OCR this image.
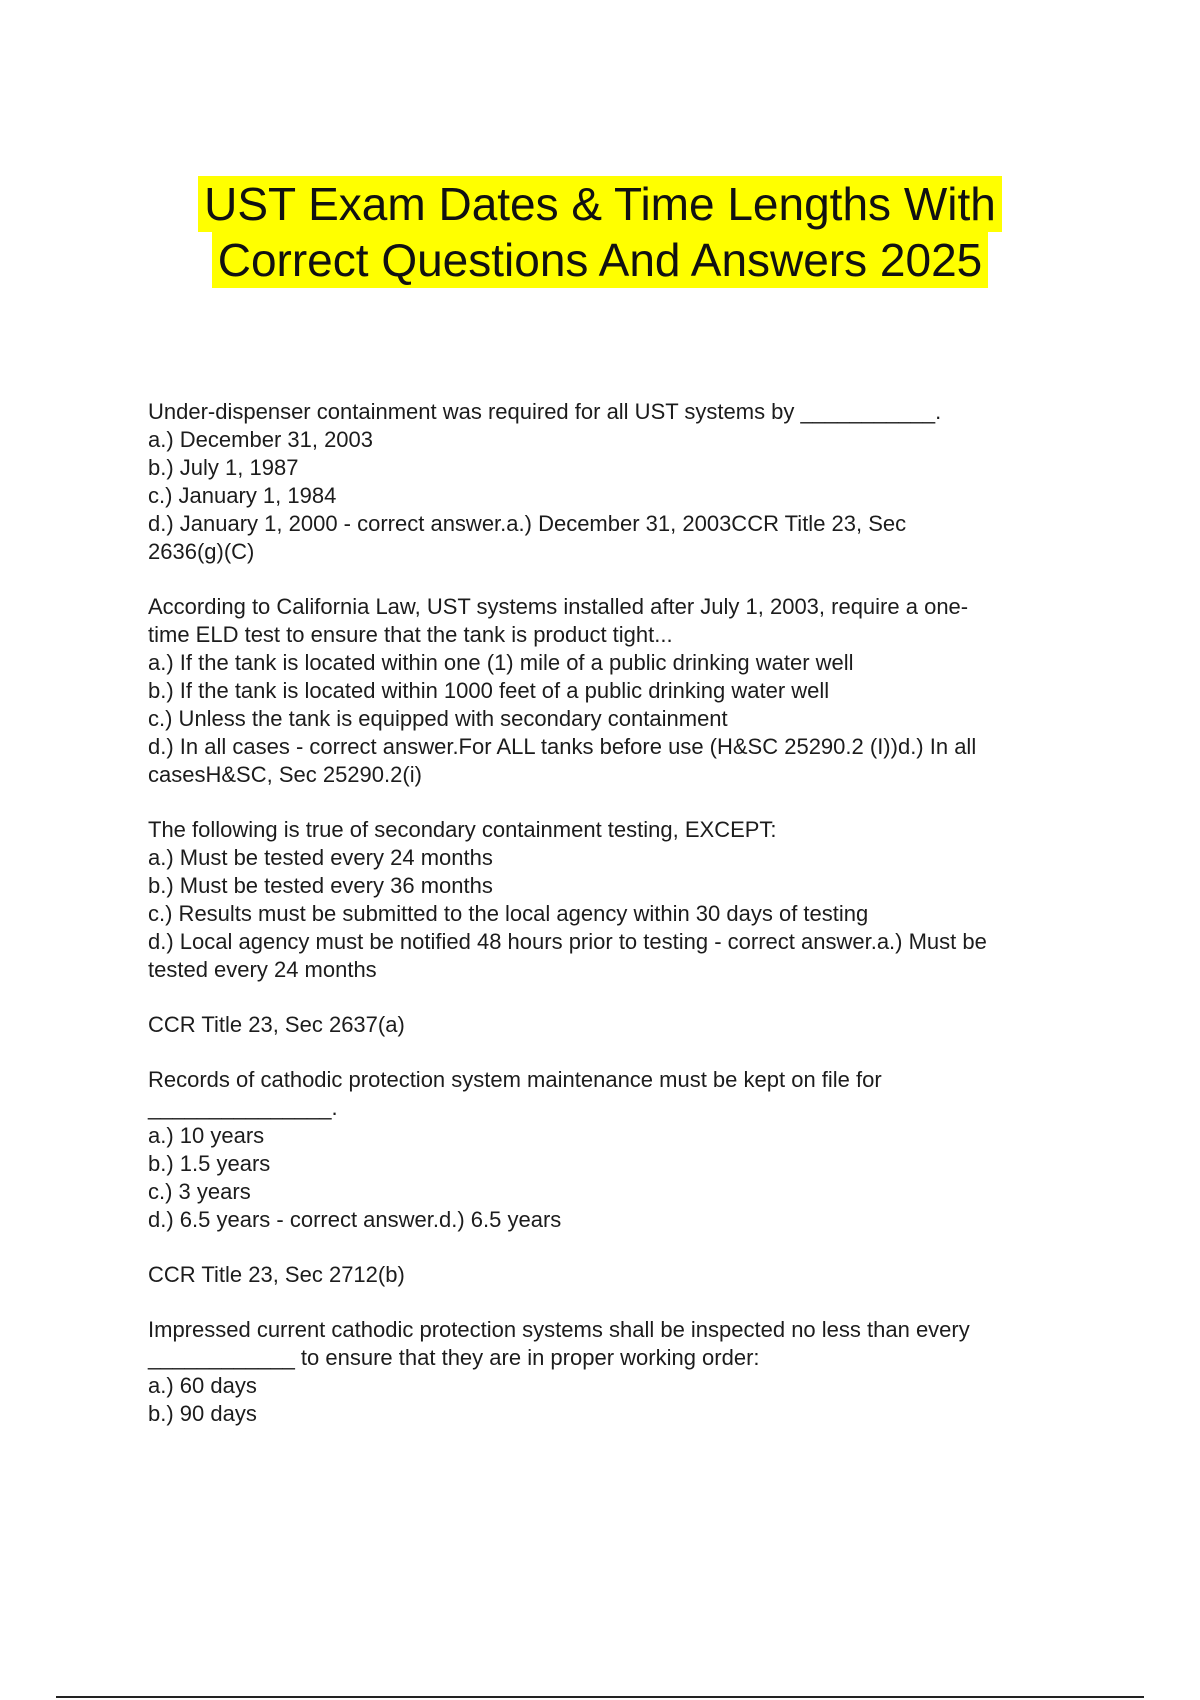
UST Exam Dates & Time Lengths With
Correct Questions And Answers 2025

Under-dispenser containment was required for all UST systems by ___________.

a.) December 31, 2003

b.) July 1, 1987

c.) January 1, 1984

d.) January 1, 2000 - correct answer.a.) December 31, 2003CCR Title 23, Sec

2636(g)(C)

According to California Law, UST systems installed after July 1, 2003, require a one-

time ELD test to ensure that the tank is product tight...

a.) If the tank is located within one (1) mile of a public drinking water well

b.) If the tank is located within 1000 feet of a public drinking water well

c.) Unless the tank is equipped with secondary containment

d.) In all cases - correct answer.For ALL tanks before use (H&SC 25290.2 (I))d.) In all

casesH&SC, Sec 25290.2(i)

The following is true of secondary containment testing, EXCEPT:

a.) Must be tested every 24 months

b.) Must be tested every 36 months

c.) Results must be submitted to the local agency within 30 days of testing

d.) Local agency must be notified 48 hours prior to testing - correct answer.a.) Must be

tested every 24 months

CCR Title 23, Sec 2637(a)

Records of cathodic protection system maintenance must be kept on file for

_______________.

a.) 10 years

b.) 1.5 years

c.) 3 years

d.) 6.5 years - correct answer.d.) 6.5 years

CCR Title 23, Sec 2712(b)

Impressed current cathodic protection systems shall be inspected no less than every

____________ to ensure that they are in proper working order:

a.) 60 days

b.) 90 days
